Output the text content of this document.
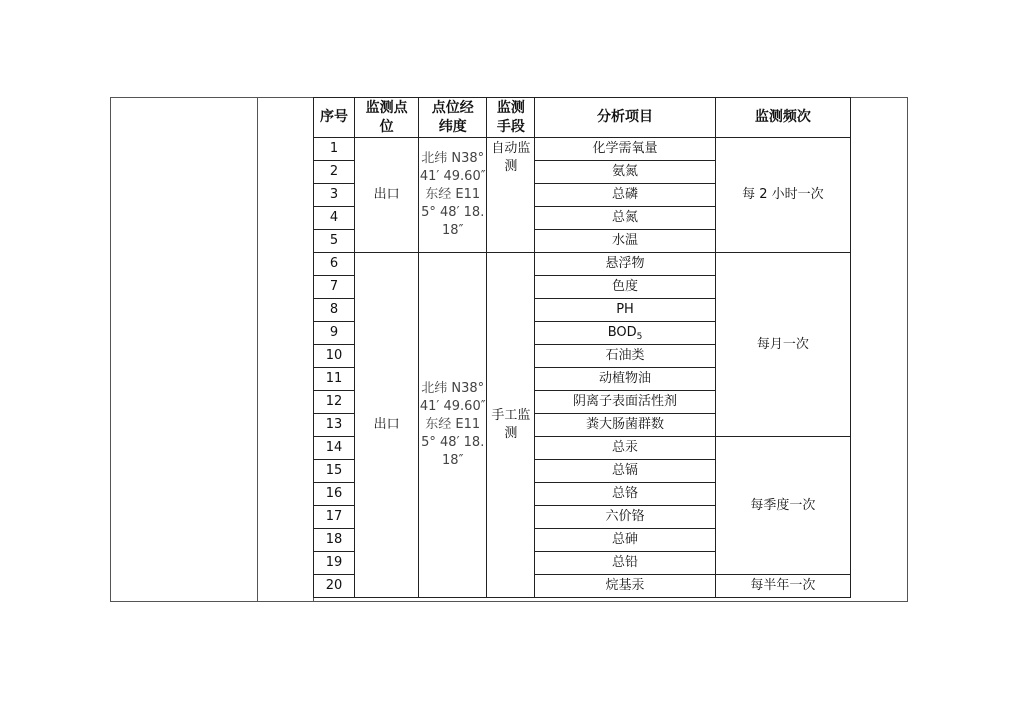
序号	监测点位	点位经纬度	监测手段	分析项目	监测频次
1	出口	北纬 N38° 41′ 49.60″ 东经 E115° 48′ 18.18″	自动监测	化学需氧量	每 2 小时一次
2				氨氮	
3				总磷	
4				总氮	
5				水温	
6	出口	北纬 N38° 41′ 49.60″ 东经 E115° 48′ 18.18″	手工监测	悬浮物	每月一次
7				色度	
8				PH	
9				$BOD_5$
10				石油类	
11				动植物油	
12				阴离子表面活性剂	
13				粪大肠菌群数	
14				总汞	每季度一次
15				总镉	
16				总铬	
17				六价铬	
18				总砷	
19				总铅	
20				烷基汞	每半年一次
